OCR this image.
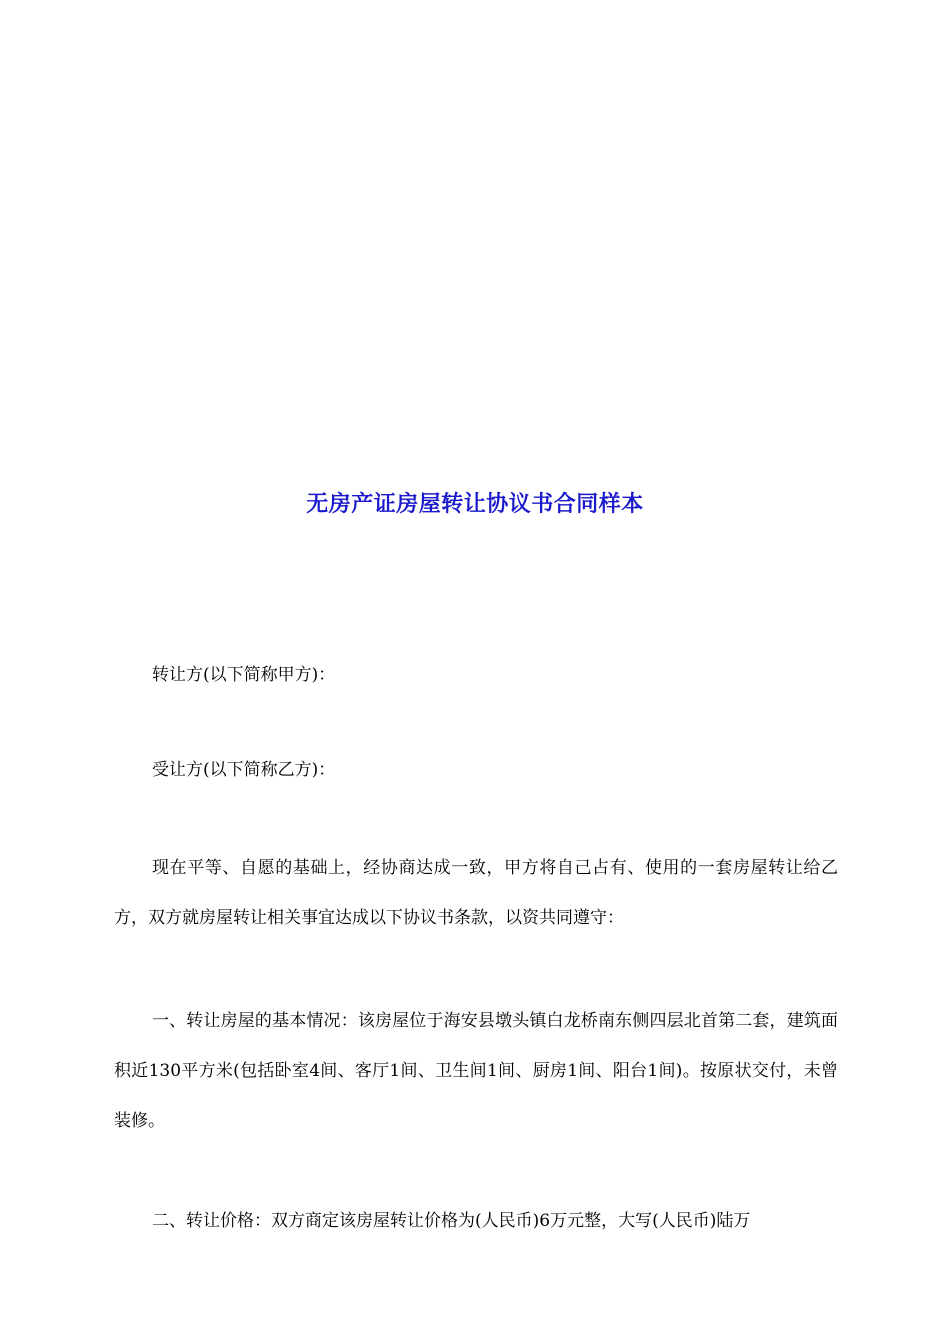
无房产证房屋转让协议书合同样本

转让方(以下简称甲方)：

受让方(以下简称乙方)：

现在平等、自愿的基础上，经协商达成一致，甲方将自己占有、使用的一套房屋转让给乙方，双方就房屋转让相关事宜达成以下协议书条款，以资共同遵守：

一、转让房屋的基本情况：该房屋位于海安县墩头镇白龙桥南东侧四层北首第二套，建筑面积近130平方米(包括卧室4间、客厅1间、卫生间1间、厨房1间、阳台1间)。按原状交付，未曾装修。

二、转让价格：双方商定该房屋转让价格为(人民币)6万元整，大写(人民币)陆万
